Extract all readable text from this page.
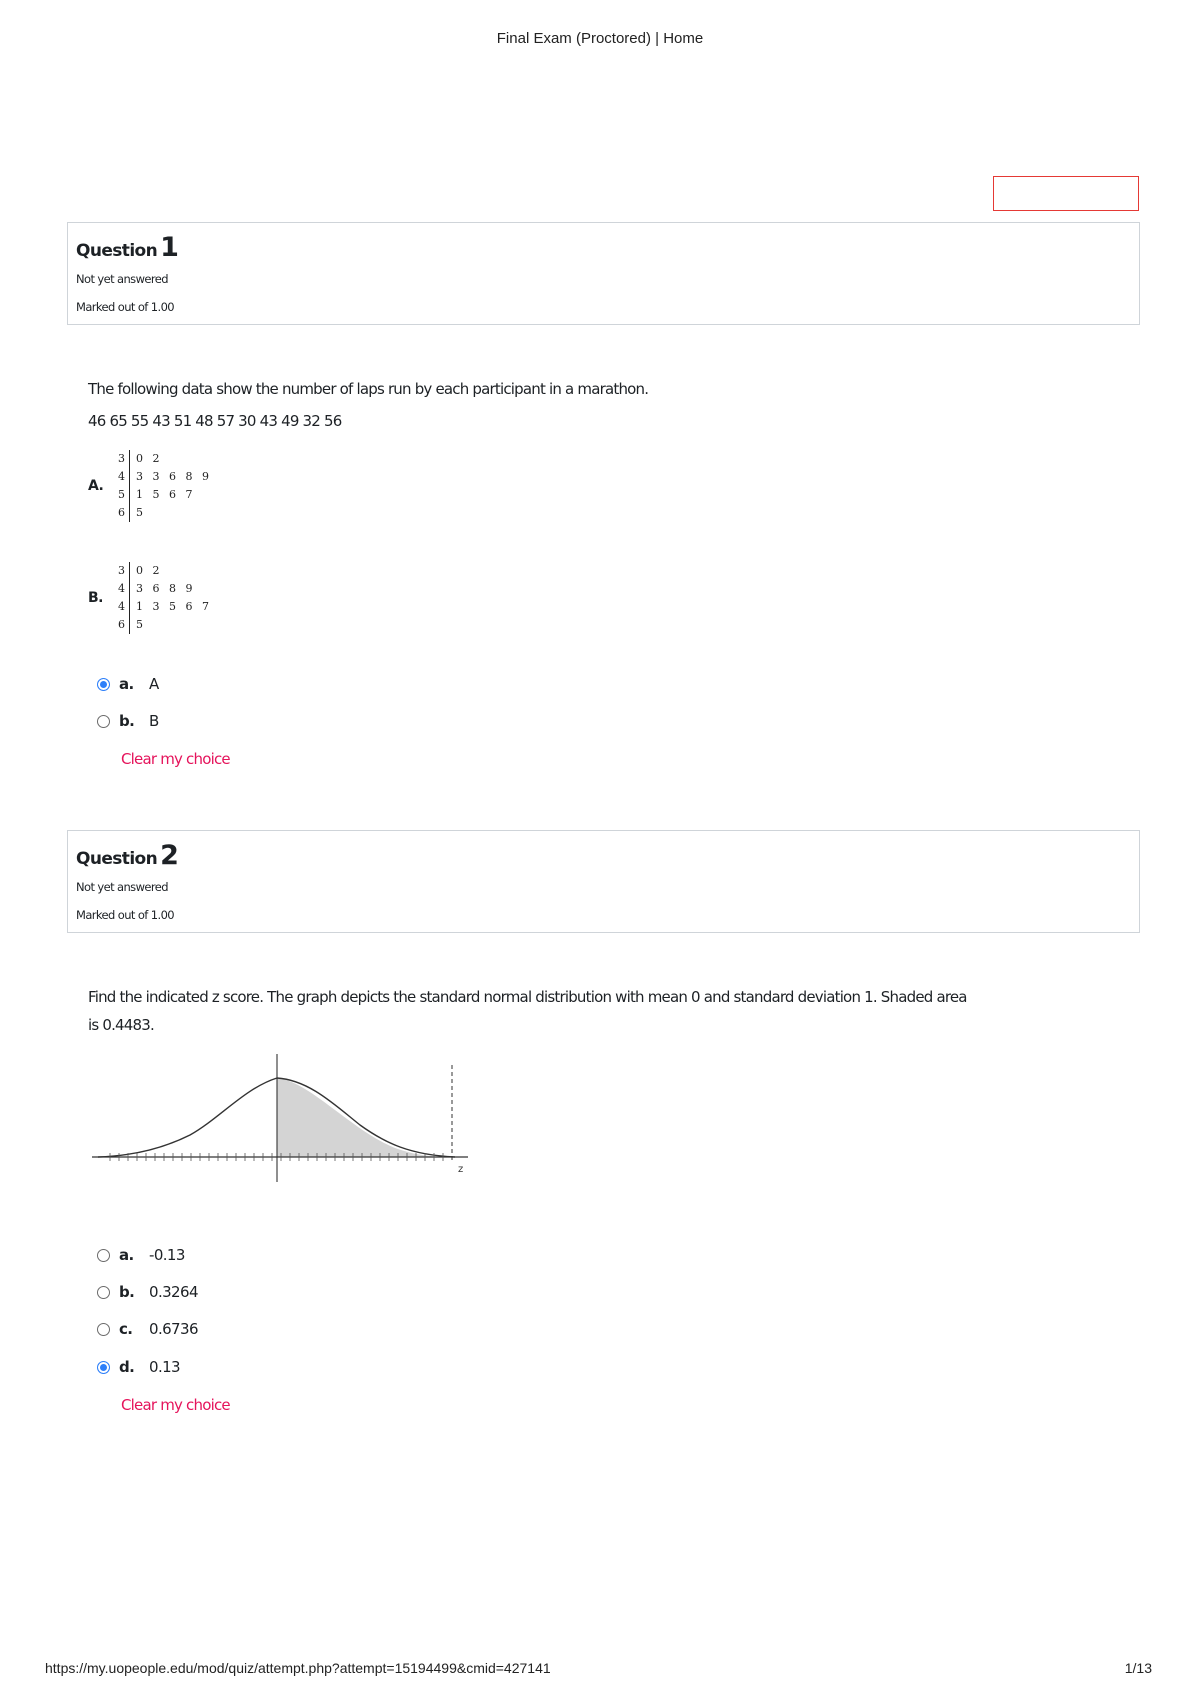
Final Exam (Proctored) | Home
Question 1
Not yet answered
Marked out of 1.00
The following data show the number of laps run by each participant in a marathon.
46 65 55 43 51 48 57 30 43 49 32 56
A.
3	0 2
4	3 3 6 8 9
5	1 5 6 7
6	5
B.
3	0 2
4	3 6 8 9
4	1 3 5 6 7
6	5
a.	A
b. B
Clear my choice
Question 2
Not yet answered
Marked out of 1.00
Find the indicated z score. The graph depicts the standard normal distribution with mean 0 and standard deviation 1. Shaded area
is 0.4483.
z
a.	-0.13
b. 0.3264
c.	0.6736
d. 0.13
Clear my choice
https://my.uopeople.edu/mod/quiz/attempt.php?attempt=15194499&cmid=427141	1/13
